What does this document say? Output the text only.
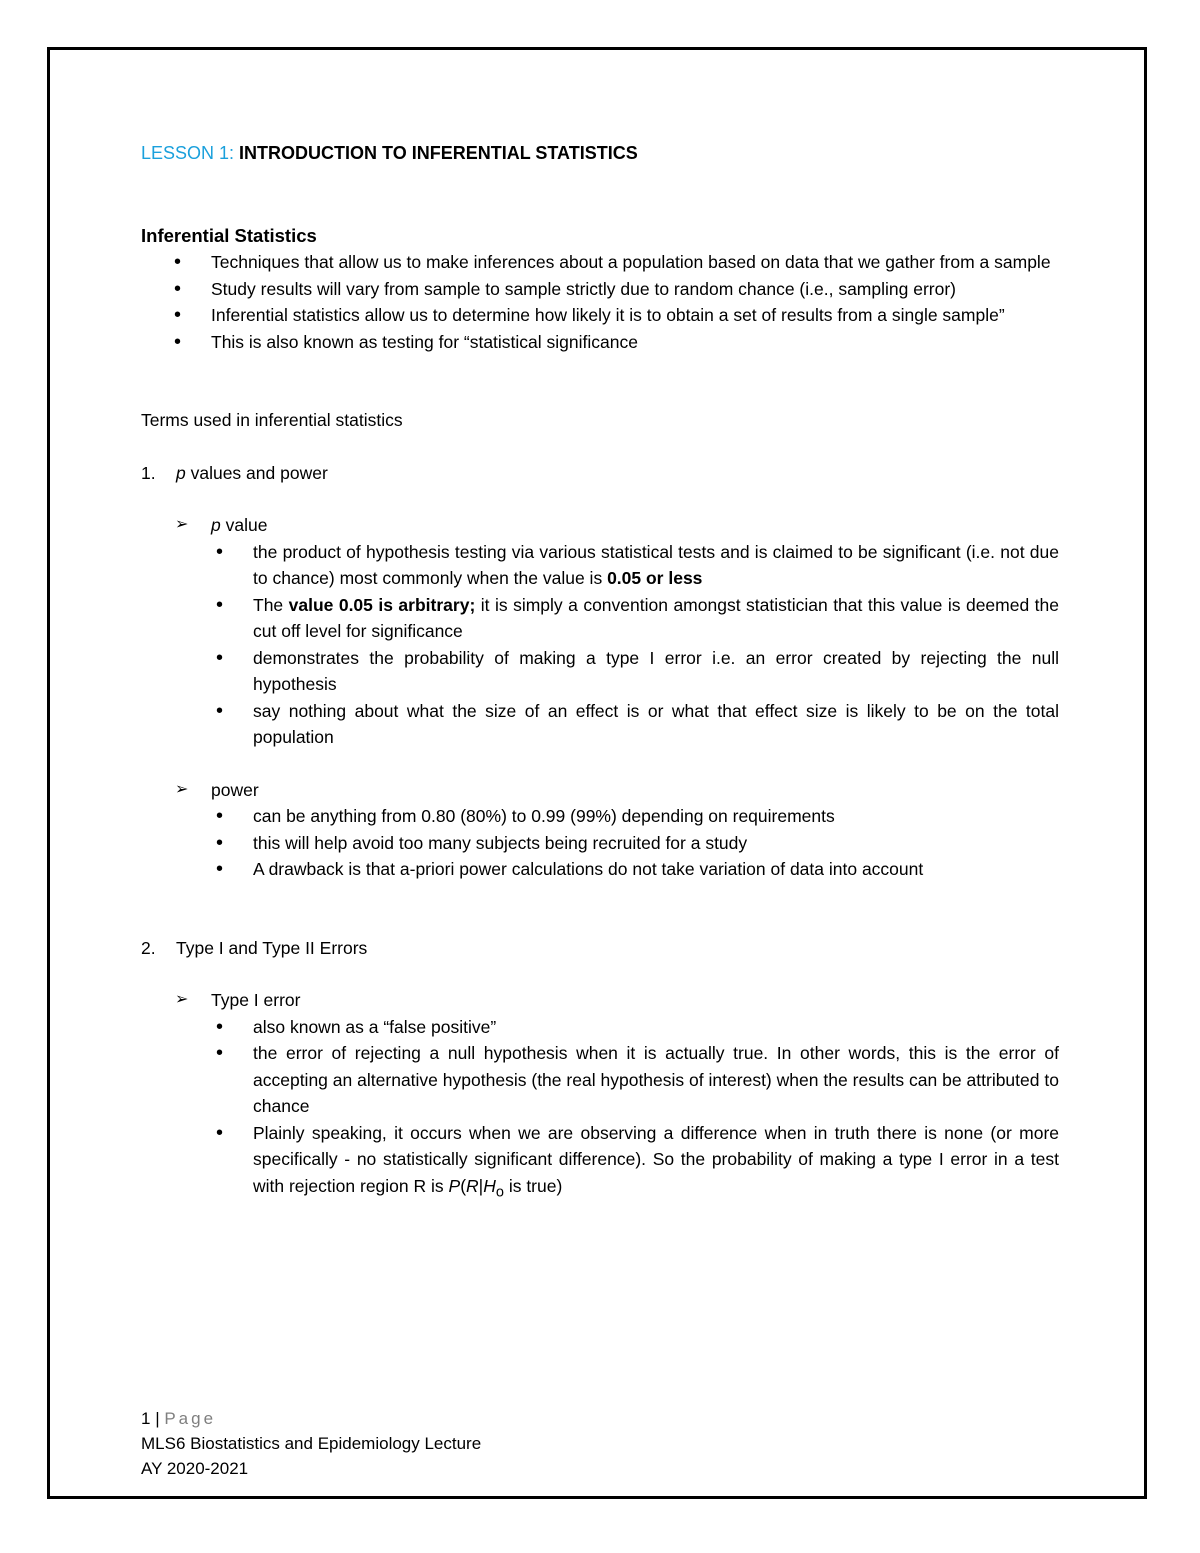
LESSON 1: INTRODUCTION TO INFERENTIAL STATISTICS
Inferential Statistics
• Techniques that allow us to make inferences about a population based on data that we gather from a sample
• Study results will vary from sample to sample strictly due to random chance (i.e., sampling error)
• Inferential statistics allow us to determine how likely it is to obtain a set of results from a single sample”
• This is also known as testing for “statistical significance
Terms used in inferential statistics
1. p values and power
➢ p value
• the product of hypothesis testing via various statistical tests and is claimed to be significant (i.e. not due to chance) most commonly when the value is 0.05 or less
• The value 0.05 is arbitrary; it is simply a convention amongst statistician that this value is deemed the cut off level for significance
• demonstrates the probability of making a type I error i.e. an error created by rejecting the null hypothesis
• say nothing about what the size of an effect is or what that effect size is likely to be on the total population
➢ power
• can be anything from 0.80 (80%) to 0.99 (99%) depending on requirements
• this will help avoid too many subjects being recruited for a study
• A drawback is that a-priori power calculations do not take variation of data into account
2. Type I and Type II Errors
➢ Type I error
• also known as a “false positive”
• the error of rejecting a null hypothesis when it is actually true. In other words, this is the error of accepting an alternative hypothesis (the real hypothesis of interest) when the results can be attributed to chance
• Plainly speaking, it occurs when we are observing a difference when in truth there is none (or more specifically - no statistically significant difference). So the probability of making a type I error in a test with rejection region R is $P(R|H_o$ is true)
1 | Page
MLS6 Biostatistics and Epidemiology Lecture
AY 2020-2021
